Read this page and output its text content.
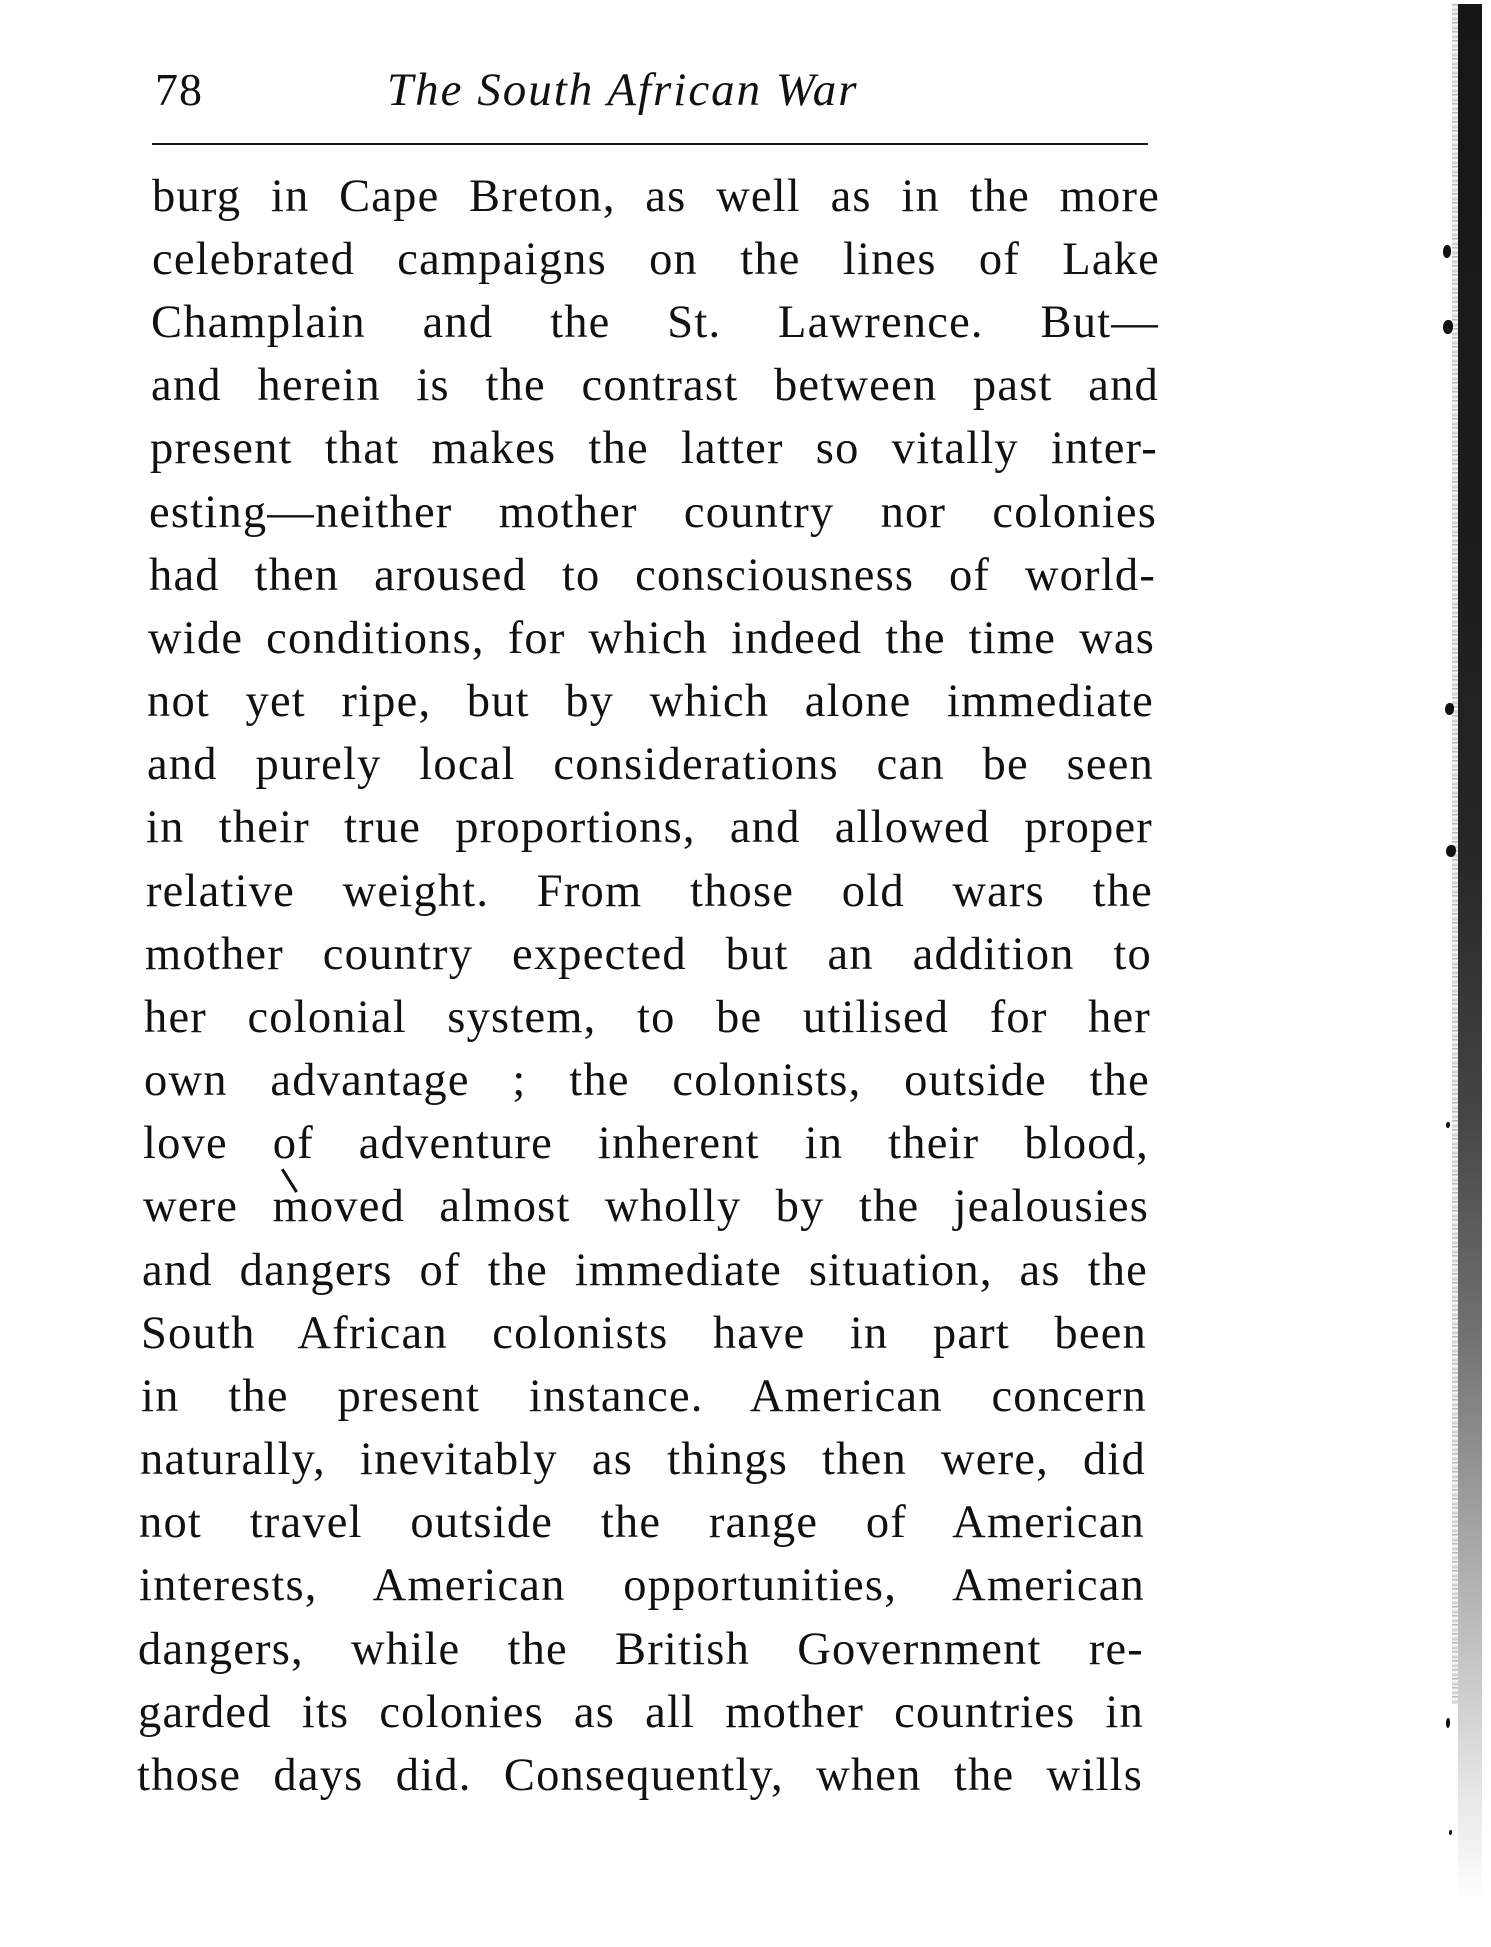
78	The South African War
burg in Cape Breton, as well as in the more
celebrated campaigns on the lines of Lake
Champlain and the St. Lawrence. But—
and herein is the contrast between past and
present that makes the latter so vitally inter-
esting—neither mother country nor colonies
had then aroused to consciousness of world-
wide conditions, for which indeed the time was
not yet ripe, but by which alone immediate
and purely local considerations can be seen
in their true proportions, and allowed proper
relative weight. From those old wars the
mother country expected but an addition to
her colonial system, to be utilised for her
own advantage ; the colonists, outside the
love of adventure inherent in their blood,
were moved almost wholly by the jealousies
and dangers of the immediate situation, as the
South African colonists have in part been
in the present instance. American concern
naturally, inevitably as things then were, did
not travel outside the range of American
interests, American opportunities, American
dangers, while the British Government re-
garded its colonies as all mother countries in
those days did. Consequently, when the wills
